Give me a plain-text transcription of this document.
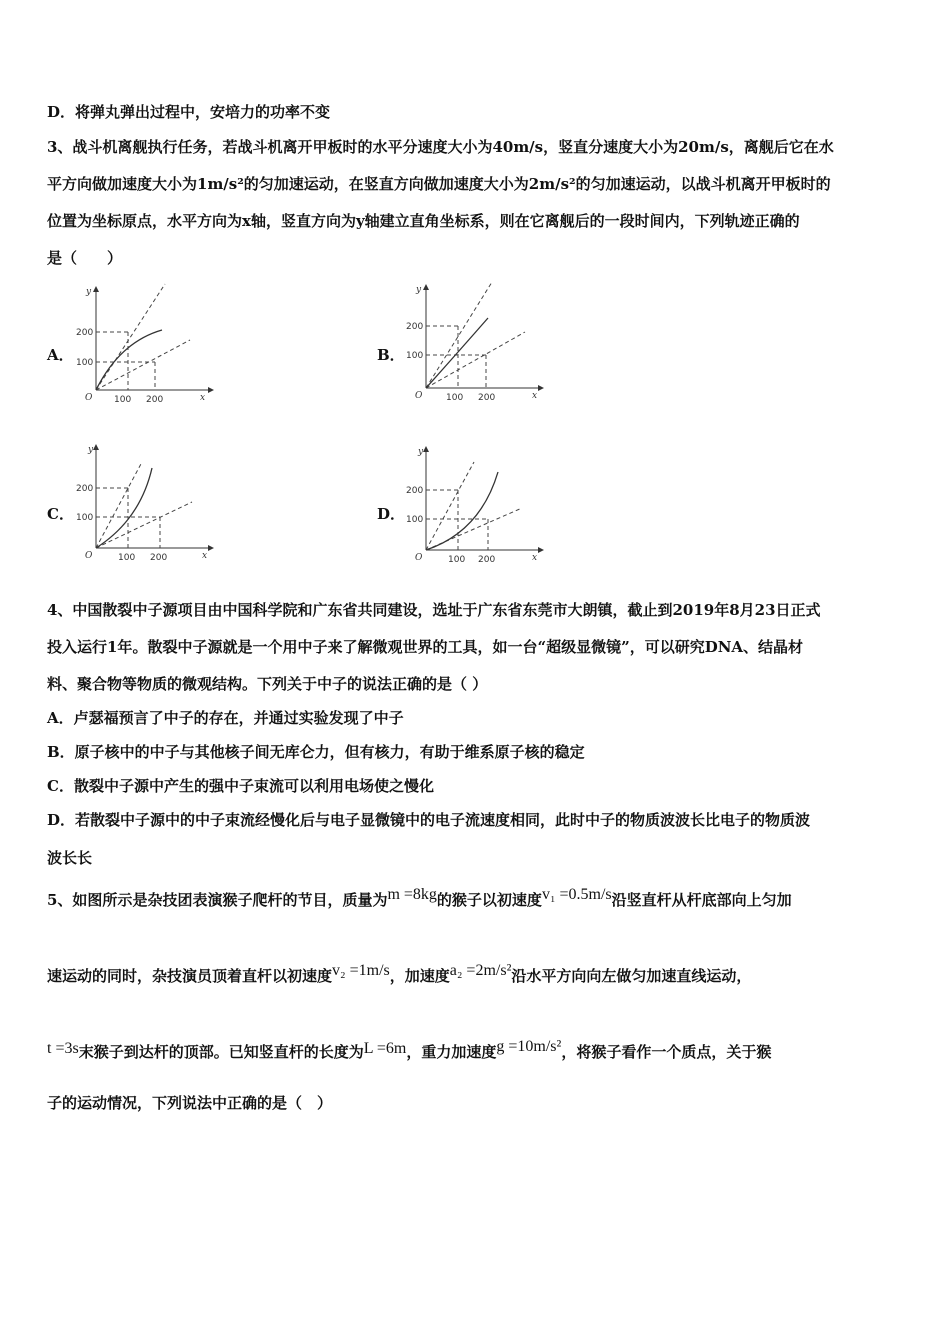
D．将弹丸弹出过程中，安培力的功率不变
3、战斗机离舰执行任务，若战斗机离开甲板时的水平分速度大小为40m/s，竖直分速度大小为20m/s，离舰后它在水
平方向做加速度大小为1m/s²的匀加速运动，在竖直方向做加速度大小为2m/s²的匀加速运动，以战斗机离开甲板时的
位置为坐标原点，水平方向为x轴，竖直方向为y轴建立直角坐标系，则在它离舰后的一段时间内，下列轨迹正确的
是（　　）
A．	B．
C．	D．
200
100
100 200
O	x
y
200
100
100 200
O	x
y
200
100
100 200
O	x
y
200
100
100 200
O	x
y
4、中国散裂中子源项目由中国科学院和广东省共同建设，选址于广东省东莞市大朗镇，截止到2019年8月23日正式
投入运行1年。散裂中子源就是一个用中子来了解微观世界的工具，如一台“超级显微镜”，可以研究DNA、结晶材
料、聚合物等物质的微观结构。下列关于中子的说法正确的是（ ）
A．卢瑟福预言了中子的存在，并通过实验发现了中子
B．原子核中的中子与其他核子间无库仑力，但有核力，有助于维系原子核的稳定
C．散裂中子源中产生的强中子束流可以利用电场使之慢化
D．若散裂中子源中的中子束流经慢化后与电子显微镜中的电子流速度相同，此时中子的物质波波长比电子的物质波
波长长
5、如图所示是杂技团表演猴子爬杆的节目，质量为m =8kg的猴子以初速度v₁ =0.5m/s沿竖直杆从杆底部向上匀加
速运动的同时，杂技演员顶着直杆以初速度v₂ =1m/s，加速度a₂ =2m/s²沿水平方向向左做匀加速直线运动，
t =3s末猴子到达杆的顶部。已知竖直杆的长度为L =6m，重力加速度g =10m/s²，将猴子看作一个质点，关于猴
子的运动情况，下列说法中正确的是（　）
